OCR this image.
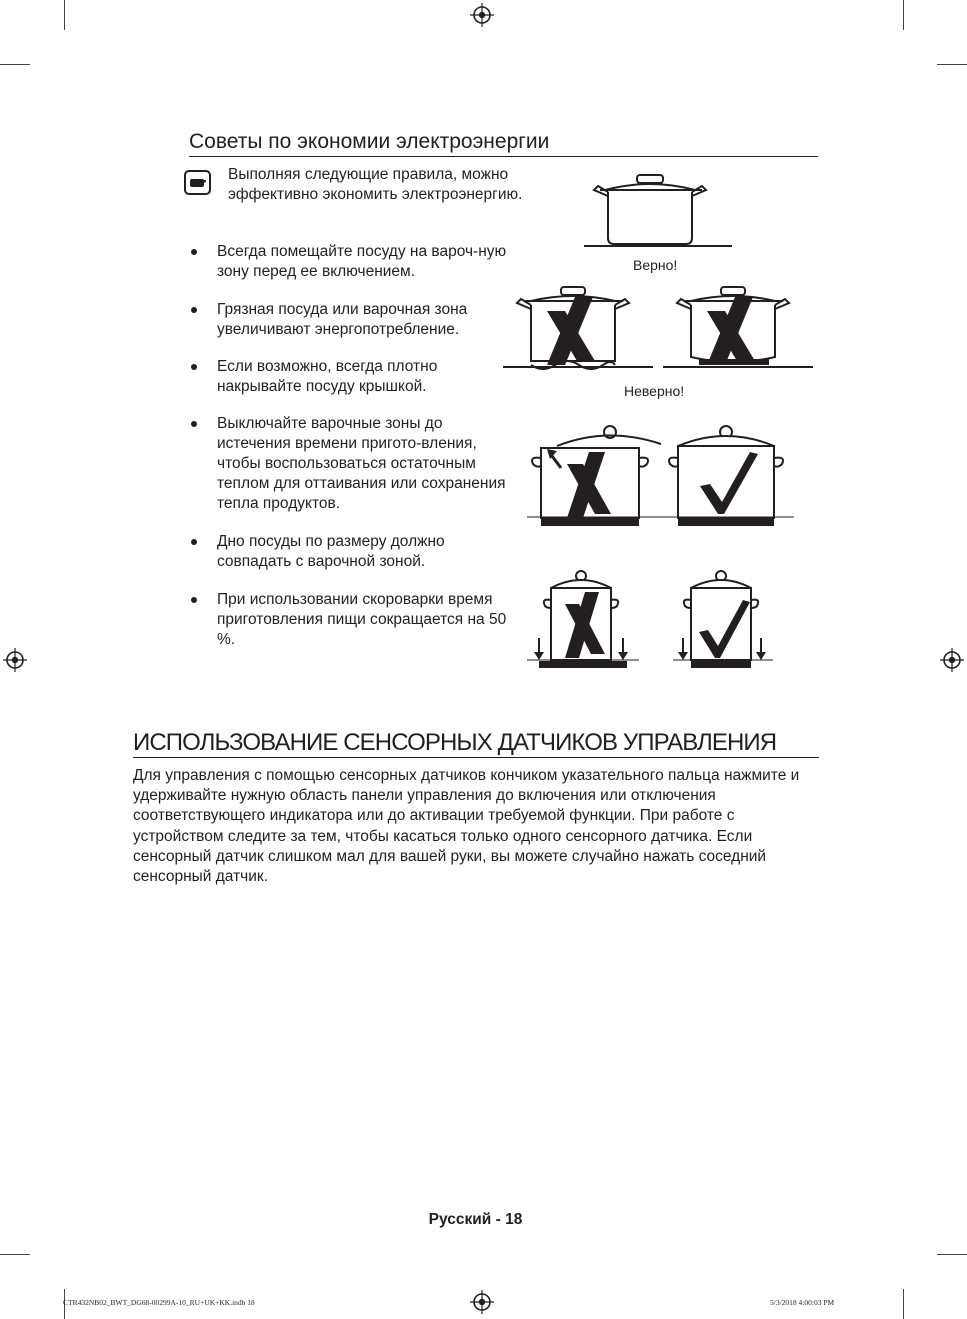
Советы по экономии электроэнергии
Выполняя следующие правила, можно эффективно экономить электроэнергию.
Всегда помещайте посуду на вароч-ную зону перед ее включением.
Грязная посуда или варочная зона увеличивают энергопотребление.
Если возможно, всегда плотно накрывайте посуду крышкой.
Выключайте варочные зоны до истечения времени пригото-вления, чтобы воспользоваться остаточным теплом для оттаивания или сохранения тепла продуктов.
Дно посуды по размеру должно совпадать с варочной зоной.
При использовании скороварки время приготовления пищи сокращается на 50 %.
Верно!
Неверно!
ИСПОЛЬЗОВАНИЕ СЕНСОРНЫХ ДАТЧИКОВ УПРАВЛЕНИЯ
Для управления с помощью сенсорных датчиков кончиком указательного пальца нажмите и удерживайте нужную область панели управления до включения или отключения соответствующего индикатора или до активации требуемой функции. При работе с устройством следите за тем, чтобы касаться только одного сенсорного датчика. Если сенсорный датчик слишком мал для вашей руки, вы можете случайно нажать соседний сенсорный датчик.
Русский - 18
CTR432NB02_BWT_DG68-00299A-10_RU+UK+KK.indb 18	5/3/2018 4:00:03 PM
